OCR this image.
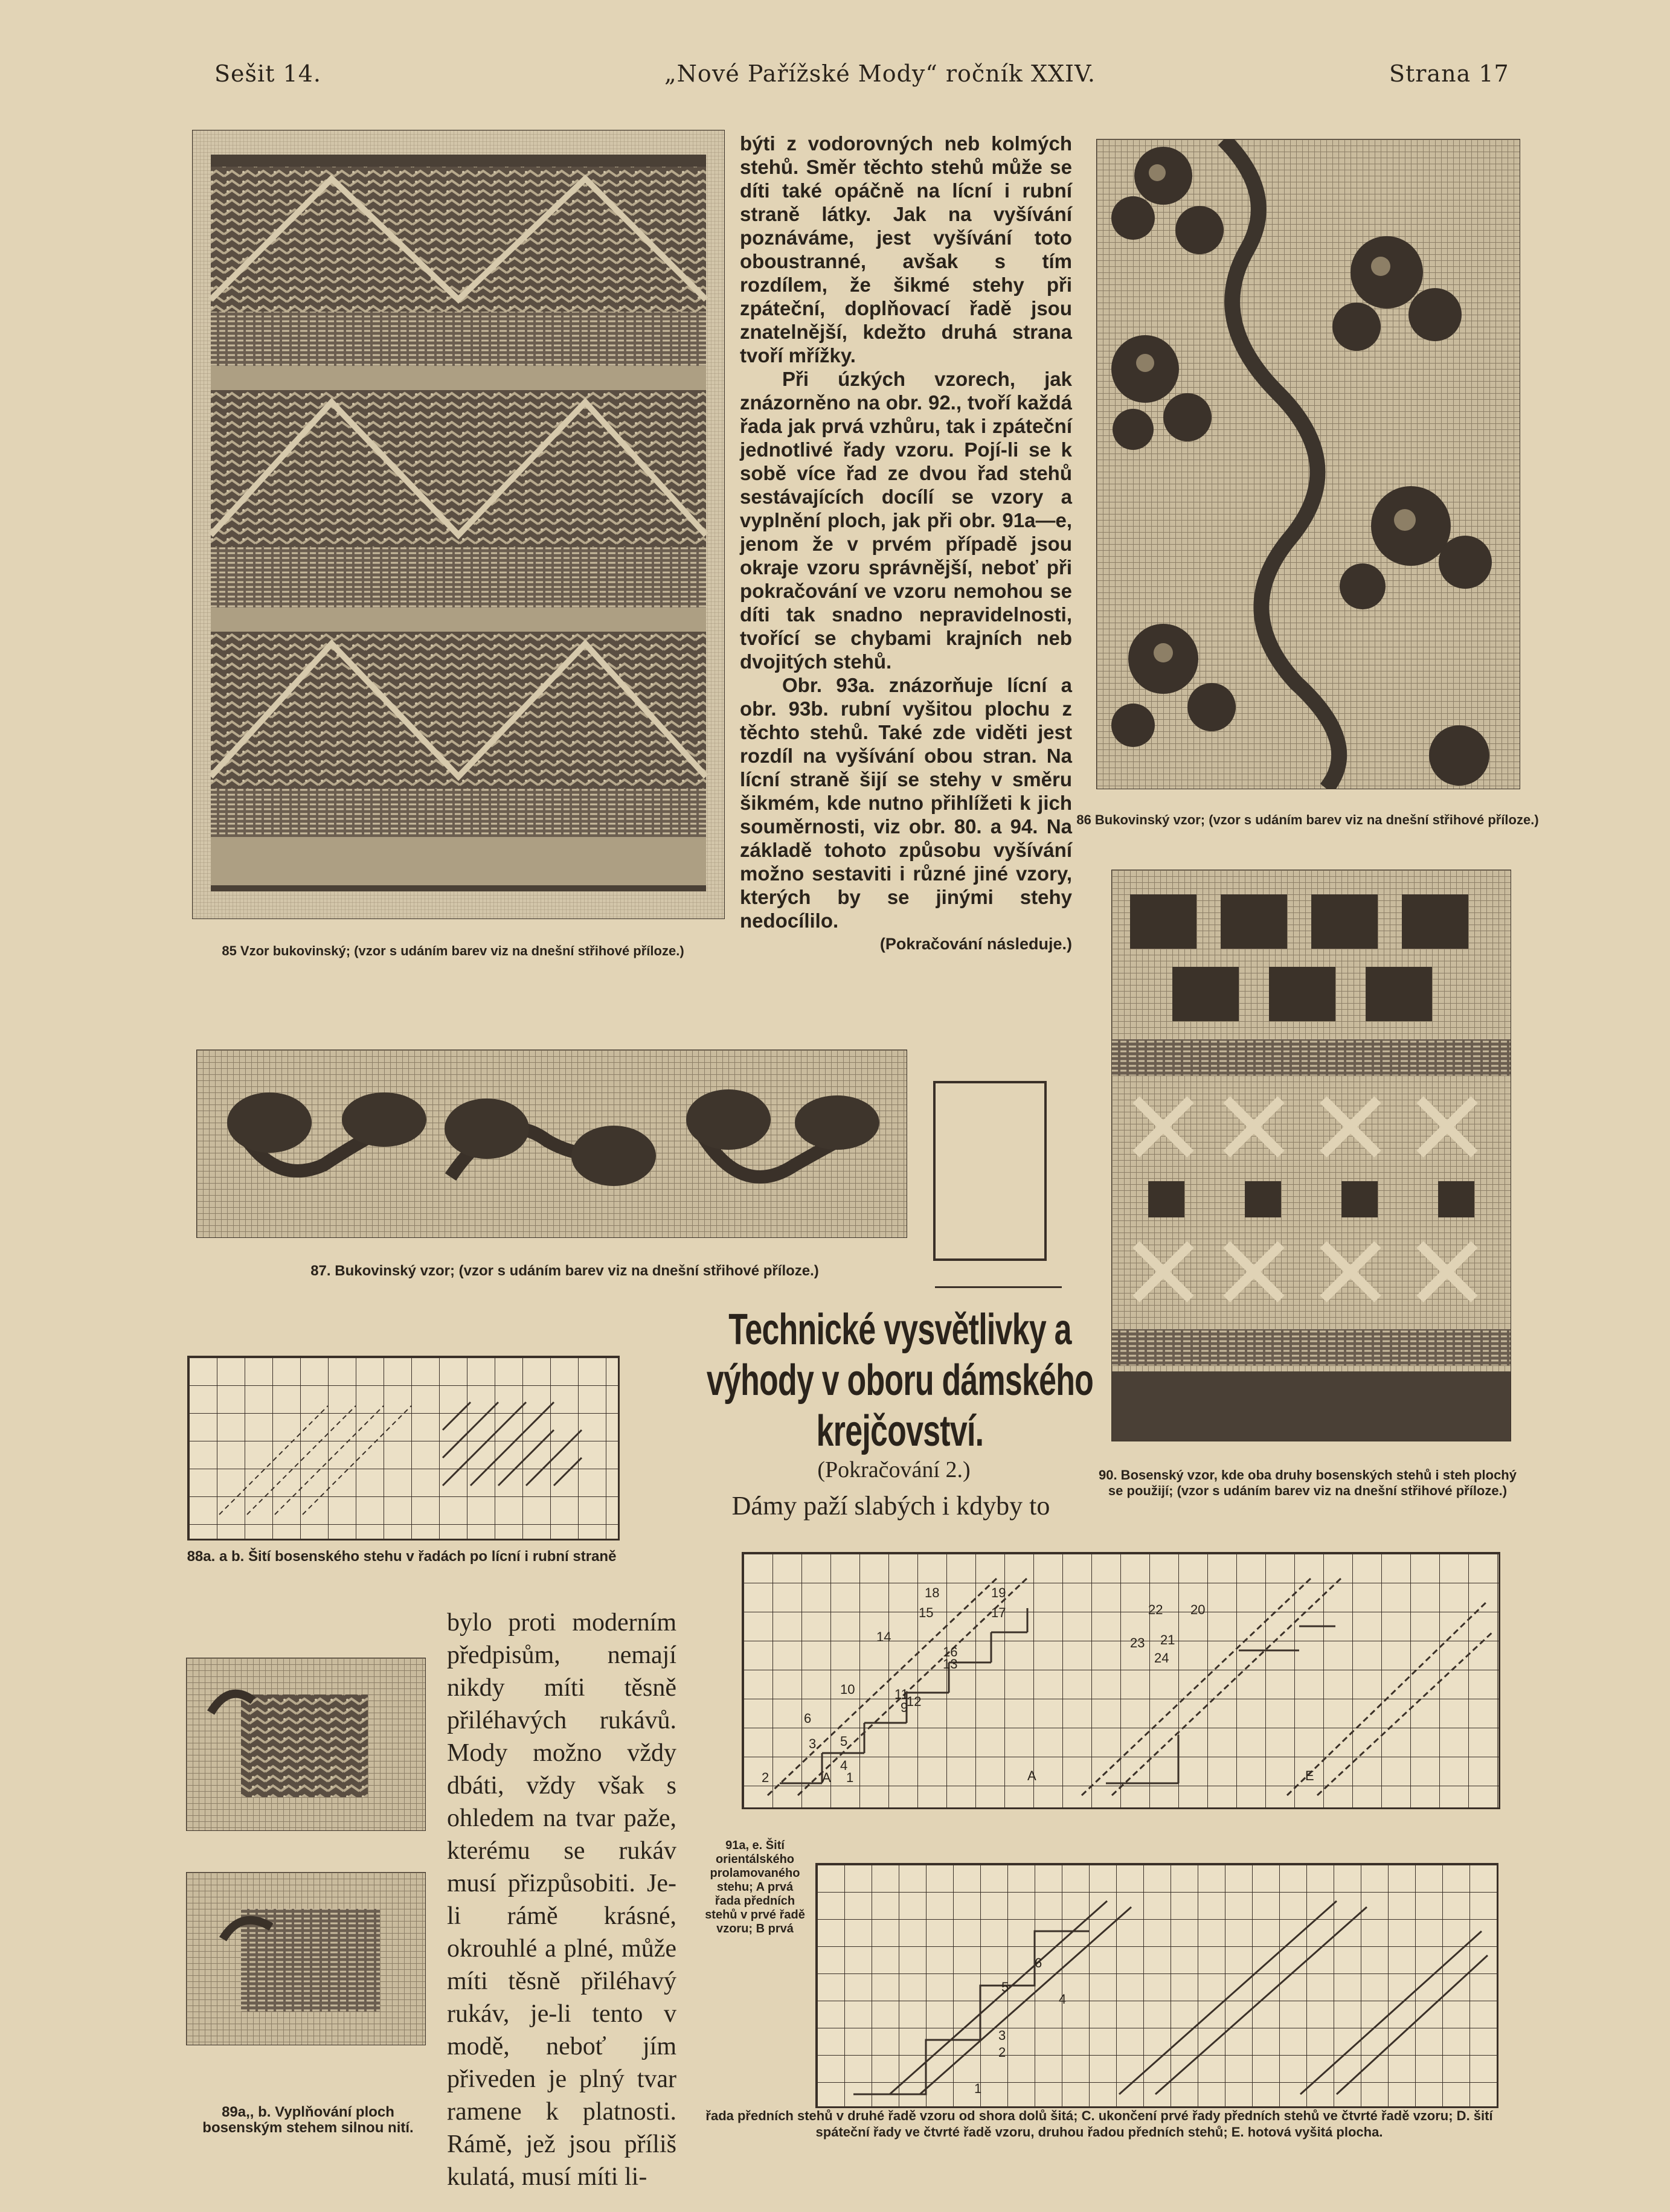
Sešit 14.	„Nové Pařížské Mody“ ročník XXIV.	Strana 17
85 Vzor bukovinský; (vzor s udáním barev viz na dnešní střihové příloze.)

býti z vodorovných neb kolmých stehů. Směr těchto stehů může se díti také opáčně na lícní i rubní straně látky. Jak na vyšívání poznáváme, jest vyšívání toto oboustranné, avšak s tím rozdílem, že šikmé stehy při zpáteční, doplňovací řadě jsou znatelnější, kdežto druhá strana tvoří mřížky.

Při úzkých vzorech, jak znázorněno na obr. 92., tvoří každá řada jak prvá vzhůru, tak i zpáteční jednotlivé řady vzoru. Pojí-li se k sobě více řad ze dvou řad stehů sestávajících docílí se vzory a vyplnění ploch, jak při obr. 91a—e, jenom že v prvém případě jsou okraje vzoru správnější, neboť při pokračování ve vzoru nemohou se díti tak snadno nepravidelnosti, tvořící se chybami krajních neb dvojitých stehů.

Obr. 93a. znázorňuje lícní a obr. 93b. rubní vyšitou plochu z těchto stehů. Také zde viděti jest rozdíl na vyšívání obou stran. Na lícní straně šijí se stehy v směru šikmém, kde nutno přihlížeti k jich souměrnosti, viz obr. 80. a 94. Na základě tohoto způsobu vyšívání možno sestaviti i různé jiné vzory, kterých by se jinými stehy nedocílilo.

(Pokračování následuje.)

86 Bukovinský vzor; (vzor s udáním barev viz na dnešní střihové příloze.)
87. Bukovinský vzor; (vzor s udáním barev viz na dnešní střihové příloze.)
90. Bosenský vzor, kde oba druhy bosenských stehů i steh plochý se použijí; (vzor s udáním barev viz na dnešní střihové příloze.)
Technické vysvětlivky a
výhody v oboru dámského
krejčovství.
(Pokračování 2.)
Dámy paží slabých i kdyby to
88a. a b. Šití bosenského stehu v řadách po lícní i rubní straně
89a,, b. Vyplňování ploch bosenským stehem silnou nití.
bylo proti moderním předpisům, nemají nikdy míti těsně přiléhavých rukávů. Mody možno vždy dbáti, vždy však s ohledem na tvar paže, kterému se rukáv musí přizpůsobiti. Je-li rámě krásné, okrouhlé a plné, může míti těsně přiléhavý rukáv, je-li tento v modě, neboť jím přiveden je plný tvar ramene k platnosti. Rámě, jež jsou příliš kulatá, musí míti li-
A
2
3
1
6
5
4
10	11
9
12
14
16
13
15
18	19
17
A	E
23
24
22 20
21
91a, e. Šití orientálského prolamovaného stehu; A prvá řada předních stehů v prvé řadě vzoru; B prvá
1
3
2
5
4
6
řada předních stehů v druhé řadě vzoru od shora dolů šitá; C. ukončení prvé řady předních stehů ve čtvrté řadě vzoru; D. šití spáteční řady ve čtvrté řadě vzoru, druhou řadou předních stehů; E. hotová vyšitá plocha.
